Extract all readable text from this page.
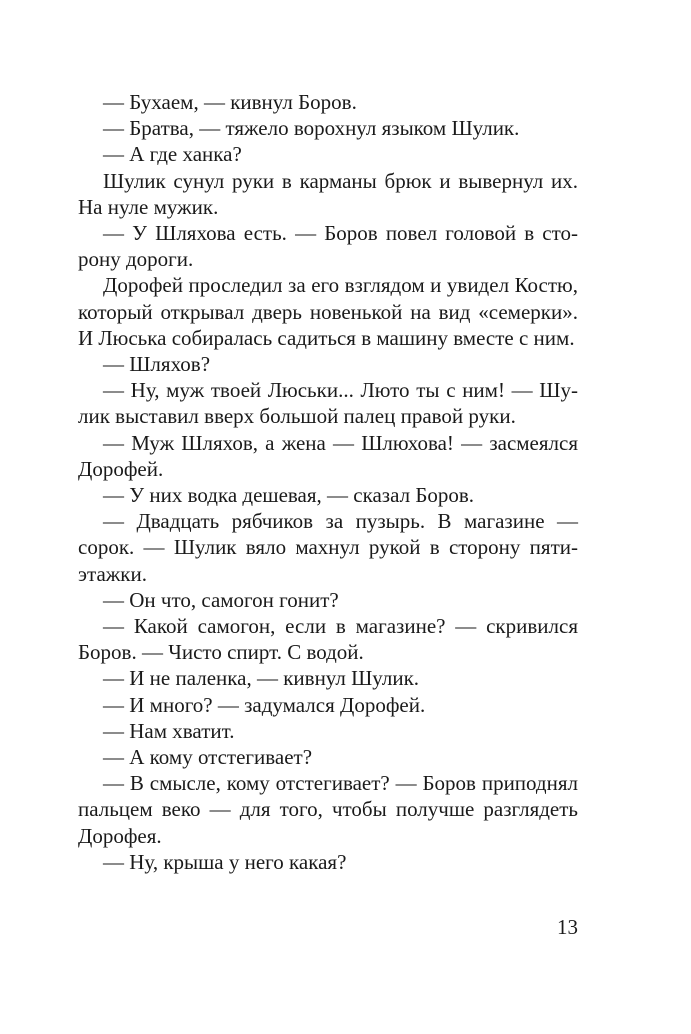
— Бухаем, — кивнул Боров.

— Братва, — тяжело ворохнул языком Шулик.

— А где ханка?

Шулик сунул руки в карманы брюк и вывернул их. На нуле мужик.

— У Шляхова есть. — Боров повел головой в сторону дороги.

Дорофей проследил за его взглядом и увидел Костю, который открывал дверь новенькой на вид «семерки». И Люська собиралась садиться в машину вместе с ним.

— Шляхов?

— Ну, муж твоей Люськи... Люто ты с ним! — Шулик выставил вверх большой палец правой руки.

— Муж Шляхов, а жена — Шлюхова! — засмеялся Дорофей.

— У них водка дешевая, — сказал Боров.

— Двадцать рябчиков за пузырь. В магазине — сорок. — Шулик вяло махнул рукой в сторону пятиэтажки.

— Он что, самогон гонит?

— Какой самогон, если в магазине? — скривился Боров. — Чисто спирт. С водой.

— И не паленка, — кивнул Шулик.

— И много? — задумался Дорофей.

— Нам хватит.

— А кому отстегивает?

— В смысле, кому отстегивает? — Боров приподнял пальцем веко — для того, чтобы получше разглядеть Дорофея.

— Ну, крыша у него какая?

13
